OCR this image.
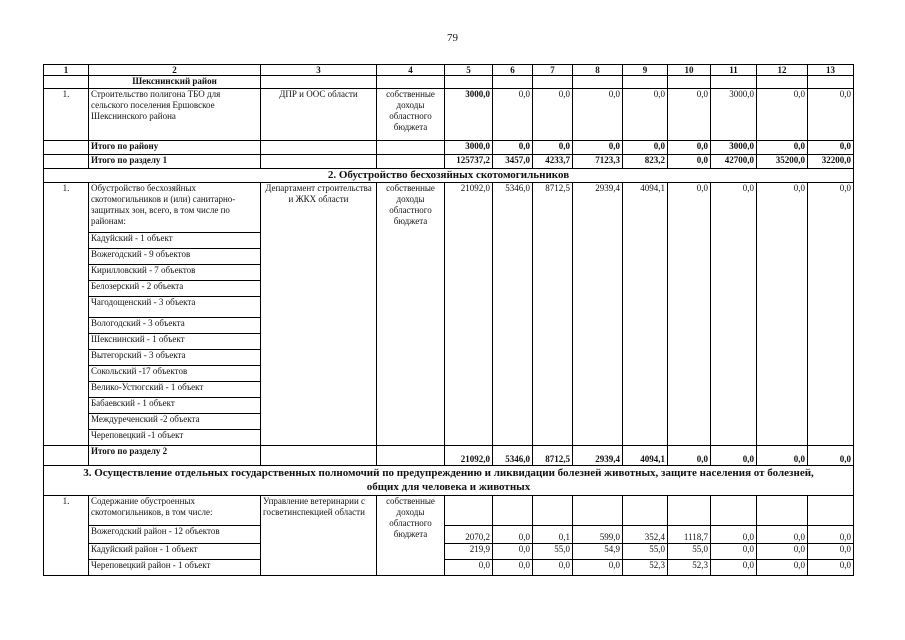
79
1	2	3	4	5	6	7	8	9	10	11	12	13
	Шекснинский район											
1.	Строительство полигона ТБО для сельского поселения Ершовское Шекснинского района	ДПР и ООС области	собственные доходы областного бюджета	3000,0	0,0	0,0	0,0	0,0	0,0	3000,0	0,0	0,0
	Итого по району			3000,0	0,0	0,0	0,0	0,0	0,0	3000,0	0,0	0,0
	Итого по разделу 1			125737,2	3457,0	4233,7	7123,3	823,2	0,0	42700,0	35200,0	32200,0
2. Обустройство бесхозяйных скотомогильников												
1.	Обустройство бесхозяйных скотомогильников и (или) санитарно-защитных зон, всего, в том числе по районам:	Департамент строительства и ЖКХ области	собственные доходы областного бюджета	21092,0	5346,0	8712,5	2939,4	4094,1	0,0	0,0	0,0	0,0
	Кадуйский - 1 объект											
	Вожегодский - 9 объектов											
	Кирилловский - 7 объектов											
	Белозерский - 2 объекта											
	Чагодощенский - 3 объекта											
	Вологодский - 3 объекта											
	Шекснинский - 1 объект											
	Вытегорский - 3 объекта											
	Сокольский -17 объектов											
	Велико-Устюгский - 1 объект											
	Бабаевский - 1 объект											
	Междуреченский -2 объекта											
	Череповецкий -1 объект											
	Итого по разделу 2			21092,0	5346,0	8712,5	2939,4	4094,1	0,0	0,0	0,0	0,0

3. Осуществление отдельных государственных полномочий по предупреждению и ликвидации болезней животных, защите населения от болезней,
общих для человека и животных												

1.	Содержание обустроенных скотомогильников, в том числе:	Управление ветеринарии с госветинспекцией области	собственные доходы областного бюджета									
	Вожегодский район - 12 объектов			2070,2	0,0	0,1	599,0	352,4	1118,7	0,0	0,0	0,0
	Кадуйский район - 1 объект			219,9	0,0	55,0	54,9	55,0	55,0	0,0	0,0	0,0
	Череповецкий район - 1 объект			0,0	0,0	0,0	0,0	52,3	52,3	0,0	0,0	0,0
